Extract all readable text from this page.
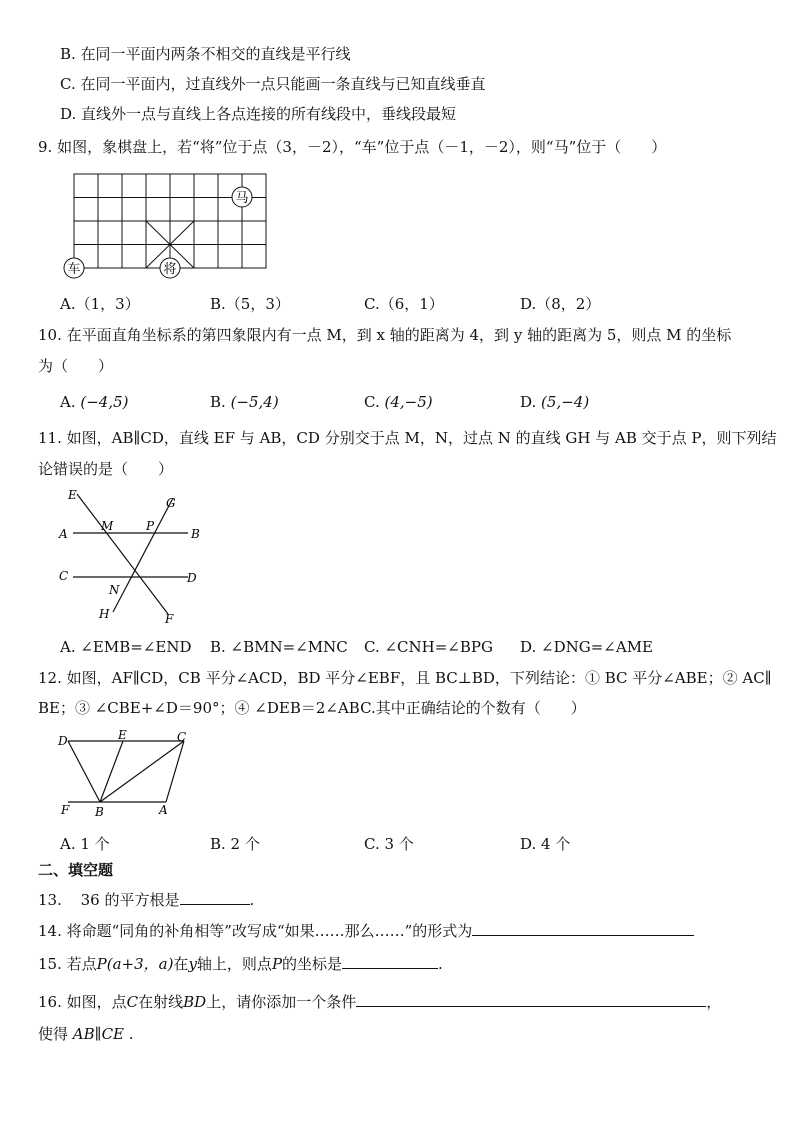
B. 在同一平面内两条不相交的直线是平行线
C. 在同一平面内，过直线外一点只能画一条直线与已知直线垂直
D. 直线外一点与直线上各点连接的所有线段中，垂线段最短
9. 如图，象棋盘上，若“将”位于点（3，－2），“车”位于点（－1，－2），则“马”位于（　　）
马
车	将
A.（1，3）	B.（5，3）	C.（6，1）	D.（8，2）
10. 在平面直角坐标系的第四象限内有一点 M，到 x 轴的距离为 4，到 y 轴的距离为 5，则点 M 的坐标
为（　　）
A. (−4,5)	B. (−5,4)	C. (4,−5)	D. (5,−4)
11. 如图，AB∥CD，直线 EF 与 AB，CD 分别交于点 M，N，过点 N 的直线 GH 与 AB 交于点 P，则下列结
论错误的是（　　）
E
G
M	P
A	B
C	D
N
H	F
A. ∠EMB=∠END B. ∠BMN=∠MNC C. ∠CNH=∠BPG D. ∠DNG=∠AME
12. 如图，AF∥CD，CB 平分∠ACD，BD 平分∠EBF，且 BC⊥BD，下列结论：① BC 平分∠ABE；② AC∥
BE；③ ∠CBE+∠D＝90°；④ ∠DEB＝2∠ABC.其中正确结论的个数有（　　）
D	E	C
F B	A
A. 1 个	B. 2 个	C. 3 个	D. 4 个
二、填空题
13. 36 的平方根是	.
14. 将命题“同角的补角相等”改写成“如果……那么……”的形式为
15. 若点P(a+3，a)在y轴上，则点P的坐标是	.
16. 如图，点C在射线BD上，请你添加一个条件	，
使得 AB∥CE .
